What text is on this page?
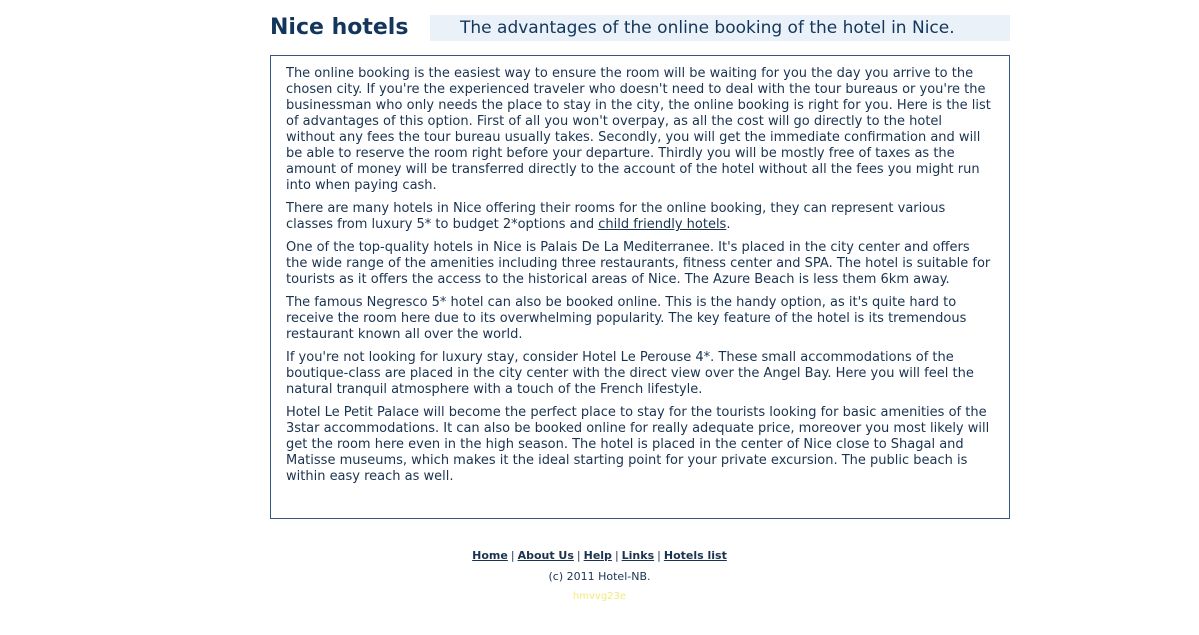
Nice hotels	The advantages of the online booking of the hotel in Nice.

The online booking is the easiest way to ensure the room will be waiting for you the day you arrive to the chosen city. If you're the experienced traveler who doesn't need to deal with the tour bureaus or you're the businessman who only needs the place to stay in the city, the online booking is right for you. Here is the list of advantages of this option. First of all you won't overpay, as all the cost will go directly to the hotel without any fees the tour bureau usually takes. Secondly, you will get the immediate confirmation and will be able to reserve the room right before your departure. Thirdly you will be mostly free of taxes as the amount of money will be transferred directly to the account of the hotel without all the fees you might run into when paying cash.

There are many hotels in Nice offering their rooms for the online booking, they can represent various classes from luxury 5* to budget 2*options and child friendly hotels.

One of the top-quality hotels in Nice is Palais De La Mediterranee. It's placed in the city center and offers the wide range of the amenities including three restaurants, fitness center and SPA. The hotel is suitable for tourists as it offers the access to the historical areas of Nice. The Azure Beach is less them 6km away.

The famous Negresco 5* hotel can also be booked online. This is the handy option, as it's quite hard to receive the room here due to its overwhelming popularity. The key feature of the hotel is its tremendous restaurant known all over the world.

If you're not looking for luxury stay, consider Hotel Le Perouse 4*. These small accommodations of the boutique-class are placed in the city center with the direct view over the Angel Bay. Here you will feel the natural tranquil atmosphere with a touch of the French lifestyle.

Hotel Le Petit Palace will become the perfect place to stay for the tourists looking for basic amenities of the 3star accommodations. It can also be booked online for really adequate price, moreover you most likely will get the room here even in the high season. The hotel is placed in the center of Nice close to Shagal and Matisse museums, which makes it the ideal starting point for your private excursion. The public beach is within easy reach as well.

Home | About Us | Help | Links | Hotels list
(c) 2011 Hotel-NB.
hmvvg23e
